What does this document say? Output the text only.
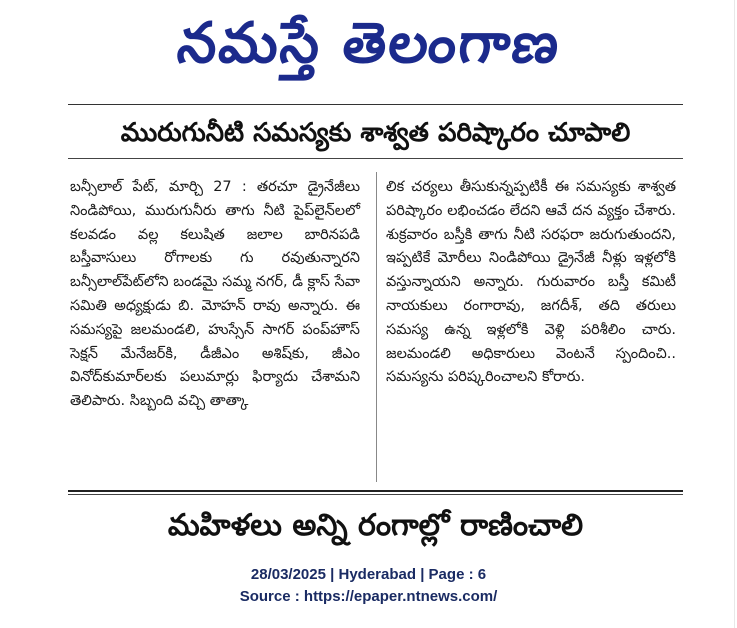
నమస్తే తెలంగాణ
మురుగునీటి సమస్యకు శాశ్వత పరిష్కారం చూపాలి

బన్సీలాల్ పేట్, మార్చి 27 : తరచూ డ్రైనేజీలు నిండిపోయి, మురుగునీరు తాగు నీటి పైప్‌లైన్‌లలో కలవడం వల్ల కలుషిత జలాల బారినపడి బస్తీవాసులు రోగాలకు గు రవుతున్నారని బన్సీలాల్‌పేట్‌లోని బండమై సమ్మ నగర్, డీ క్లాస్ సేవా సమితి అధ్యక్షుడు బి. మోహన్ రావు అన్నారు. ఈ సమస్యపై జలమండలి, హుస్సేన్ సాగర్ పంప్‌హౌస్ సెక్షన్ మేనేజర్‌కి, డీజీఎం అశిష్‌కు, జీఎం వినోద్‌కుమార్‌లకు పలుమార్లు ఫిర్యాదు చేశామని తెలిపారు. సిబ్బంది వచ్చి తాత్కా

లిక చర్యలు తీసుకున్నప్పటికీ ఈ సమస్యకు శాశ్వత పరిష్కారం లభించడం లేదని ఆవే దన వ్యక్తం చేశారు. శుక్రవారం బస్తీకి తాగు నీటి సరఫరా జరుగుతుందని, ఇప్పటికే మోరీలు నిండిపోయి డ్రైనేజీ నీళ్లు ఇళ్లలోకి వస్తున్నాయని అన్నారు. గురువారం బస్తీ కమిటీ నాయకులు రంగారావు, జగదీశ్, తది తరులు సమస్య ఉన్న ఇళ్లలోకి వెళ్లి పరిశీలిం చారు. జలమండలి అధికారులు వెంటనే స్పందించి.. సమస్యను పరిష్కరించాలని కోరారు.

మహిళలు అన్ని రంగాల్లో రాణించాలి
28/03/2025 | Hyderabad | Page : 6
Source : https://epaper.ntnews.com/
